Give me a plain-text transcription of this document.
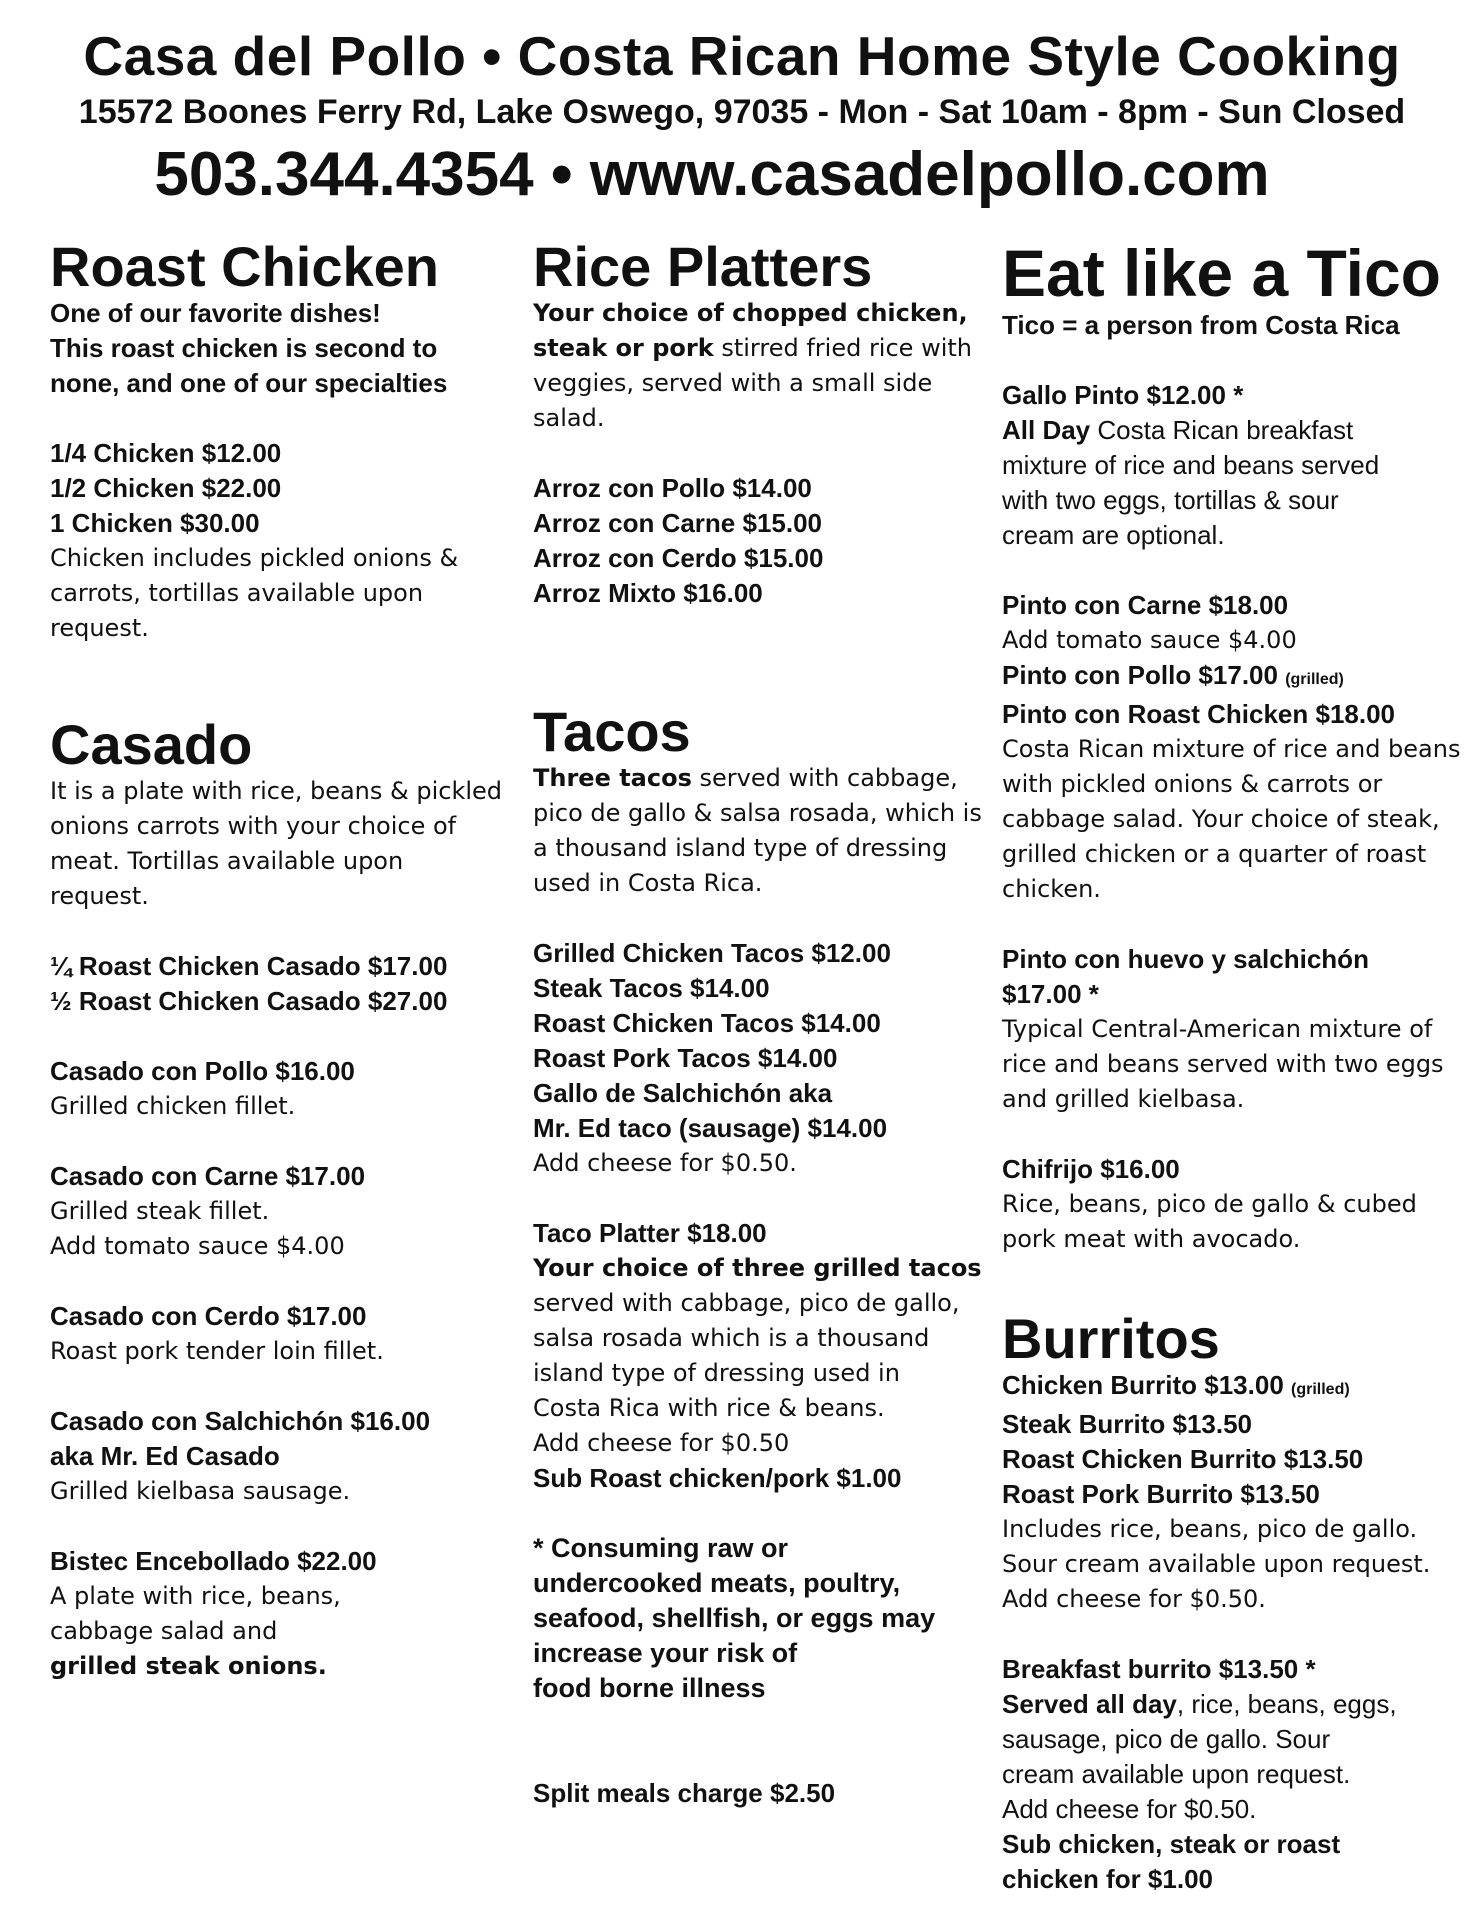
Casa del Pollo • Costa Rican Home Style Cooking
15572 Boones Ferry Rd, Lake Oswego, 97035 - Mon - Sat 10am - 8pm - Sun Closed
503.344.4354 • www.casadelpollo.com
Roast Chicken
One of our favorite dishes!
This roast chicken is second to
none, and one of our specialties
1/4 Chicken $12.00
1/2 Chicken $22.00
1 Chicken $30.00
Chicken includes pickled onions &
carrots, tortillas available upon
request.
Casado
It is a plate with rice, beans & pickled
onions carrots with your choice of
meat. Tortillas available upon
request.
¼ Roast Chicken Casado $17.00
½ Roast Chicken Casado $27.00
Casado con Pollo $16.00
Grilled chicken fillet.
Casado con Carne $17.00
Grilled steak fillet.
Add tomato sauce $4.00
Casado con Cerdo $17.00
Roast pork tender loin fillet.
Casado con Salchichón $16.00
aka Mr. Ed Casado
Grilled kielbasa sausage.
Bistec Encebollado $22.00
A plate with rice, beans,
cabbage salad and
grilled steak onions.
Rice Platters
Your choice of chopped chicken,
steak or pork stirred fried rice with
veggies, served with a small side
salad.
Arroz con Pollo $14.00
Arroz con Carne $15.00
Arroz con Cerdo $15.00
Arroz Mixto $16.00
Tacos
Three tacos served with cabbage,
pico de gallo & salsa rosada, which is
a thousand island type of dressing
used in Costa Rica.
Grilled Chicken Tacos $12.00
Steak Tacos $14.00
Roast Chicken Tacos $14.00
Roast Pork Tacos $14.00
Gallo de Salchichón aka
Mr. Ed taco (sausage) $14.00
Add cheese for $0.50.
Taco Platter $18.00
Your choice of three grilled tacos
served with cabbage, pico de gallo,
salsa rosada which is a thousand
island type of dressing used in
Costa Rica with rice & beans.
Add cheese for $0.50
Sub Roast chicken/pork $1.00
* Consuming raw or
undercooked meats, poultry,
seafood, shellfish, or eggs may
increase your risk of
food borne illness
Split meals charge $2.50
Eat like a Tico
Tico = a person from Costa Rica
Gallo Pinto $12.00 *
All Day Costa Rican breakfast
mixture of rice and beans served
with two eggs, tortillas & sour
cream are optional.
Pinto con Carne $18.00
Add tomato sauce $4.00
Pinto con Pollo $17.00 (grilled)
Pinto con Roast Chicken $18.00
Costa Rican mixture of rice and beans
with pickled onions & carrots or
cabbage salad. Your choice of steak,
grilled chicken or a quarter of roast
chicken.
Pinto con huevo y salchichón
$17.00 *
Typical Central-American mixture of
rice and beans served with two eggs
and grilled kielbasa.
Chifrijo $16.00
Rice, beans, pico de gallo & cubed
pork meat with avocado.
Burritos
Chicken Burrito $13.00 (grilled)
Steak Burrito $13.50
Roast Chicken Burrito $13.50
Roast Pork Burrito $13.50
Includes rice, beans, pico de gallo.
Sour cream available upon request.
Add cheese for $0.50.
Breakfast burrito $13.50 *
Served all day, rice, beans, eggs,
sausage, pico de gallo. Sour
cream available upon request.
Add cheese for $0.50.
Sub chicken, steak or roast
chicken for $1.00
